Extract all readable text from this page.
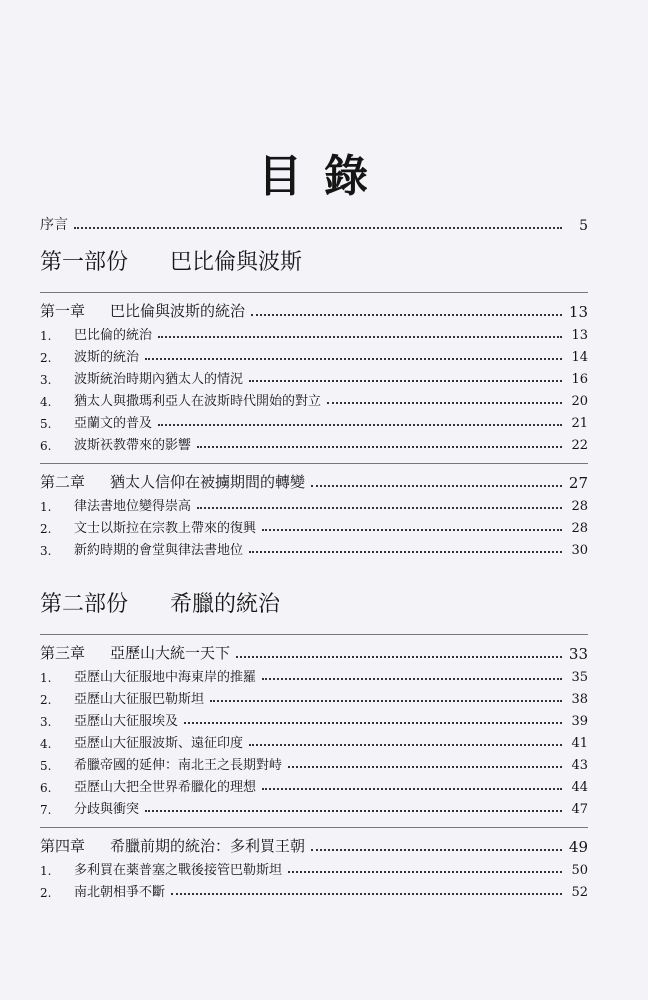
目錄
序言	5
第一部份	巴比倫與波斯
第一章	巴比倫與波斯的統治	13
1.	巴比倫的統治	13
2.	波斯的統治	14
3.	波斯統治時期內猶太人的情況	16
4.	猶太人與撒瑪利亞人在波斯時代開始的對立	20
5.	亞蘭文的普及	21
6.	波斯祆教帶來的影響	22
第二章	猶太人信仰在被擄期間的轉變	27
1.	律法書地位變得崇高	28
2.	文士以斯拉在宗教上帶來的復興	28
3.	新約時期的會堂與律法書地位	30
第二部份	希臘的統治
第三章	亞歷山大統一天下	33
1.	亞歷山大征服地中海東岸的推羅	35
2.	亞歷山大征服巴勒斯坦	38
3.	亞歷山大征服埃及	39
4.	亞歷山大征服波斯、遠征印度	41
5.	希臘帝國的延伸：南北王之長期對峙	43
6.	亞歷山大把全世界希臘化的理想	44
7.	分歧與衝突	47
第四章	希臘前期的統治：多利買王朝	49
1.	多利買在薬普塞之戰後接管巴勒斯坦	50
2.	南北朝相爭不斷	52
